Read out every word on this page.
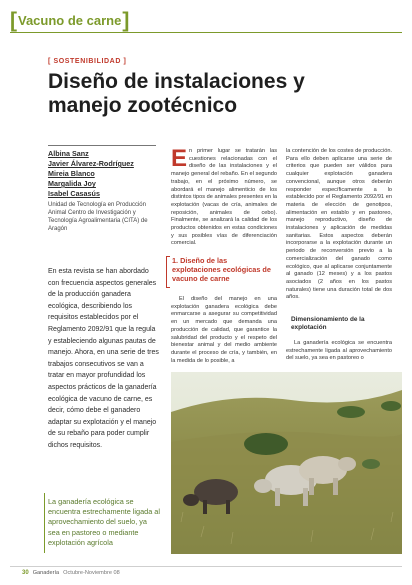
[ Vacuno de carne ]
[ SOSTENIBILIDAD ]
Diseño de instalaciones y manejo zootécnico
Albina Sanz
Javier Álvarez-Rodríguez
Mireia Blanco
Margalida Joy
Isabel Casasús
Unidad de Tecnología en Producción Animal Centro de Investigación y Tecnología Agroalimentaria (CITA) de Aragón
En esta revista se han abordado con frecuencia aspectos generales de la producción ganadera ecológica, describiendo los requisitos establecidos por el Reglamento 2092/91 que la regula y estableciendo algunas pautas de manejo. Ahora, en una serie de tres trabajos consecutivos se van a tratar en mayor profundidad los aspectos prácticos de la ganadería ecológica de vacuno de carne, es decir, cómo debe el ganadero adaptar su explotación y el manejo de su rebaño para poder cumplir dichos requisitos.
La ganadería ecológica se encuentra estrechamente ligada al aprovechamiento del suelo, ya sea en pastoreo o mediante explotación agrícola
En primer lugar se tratarán las cuestiones relacionadas con el diseño de las instalaciones y el manejo general del rebaño. En el segundo trabajo, en el próximo número, se abordará el manejo alimenticio de los distintos tipos de animales presentes en la explotación (vacas de cría, animales de reposición, animales de cebo). Finalmente, se analizará la calidad de los productos obtenidos en estas condiciones y sus posibles vías de diferenciación comercial.
1. Diseño de las explotaciones ecológicas de vacuno de carne
El diseño del manejo en una explotación ganadera ecológica debe enmarcarse a asegurar su competitividad en un mercado que demanda una producción de calidad, que garantice la salubridad del producto y el respeto del bienestar animal y del medio ambiente durante el proceso de cría, y también, en la medida de lo posible, a
la contención de los costes de producción. Para ello deben aplicarse una serie de criterios que pueden ser válidos para cualquier explotación ganadera convencional, aunque otros deberán responder específicamente a lo establecido por el Reglamento 2092/91 en materia de elección de genotipos, alimentación en establo y en pastoreo, manejo reproductivo, diseño de instalaciones y aplicación de medidas sanitarias. Estos aspectos deberán incorporarse a la explotación durante un periodo de reconversión previo a la comercialización del ganado como ecológico, que al aplicarse conjuntamente al ganado (12 meses) y a los pastos asociados (2 años en los pastos naturales) tiene una duración total de dos años.
Dimensionamiento de la explotación
La ganadería ecológica se encuentra estrechamente ligada al aprovechamiento del suelo, ya sea en pastoreo o
30 Ganadería Octubre-Noviembre 08
